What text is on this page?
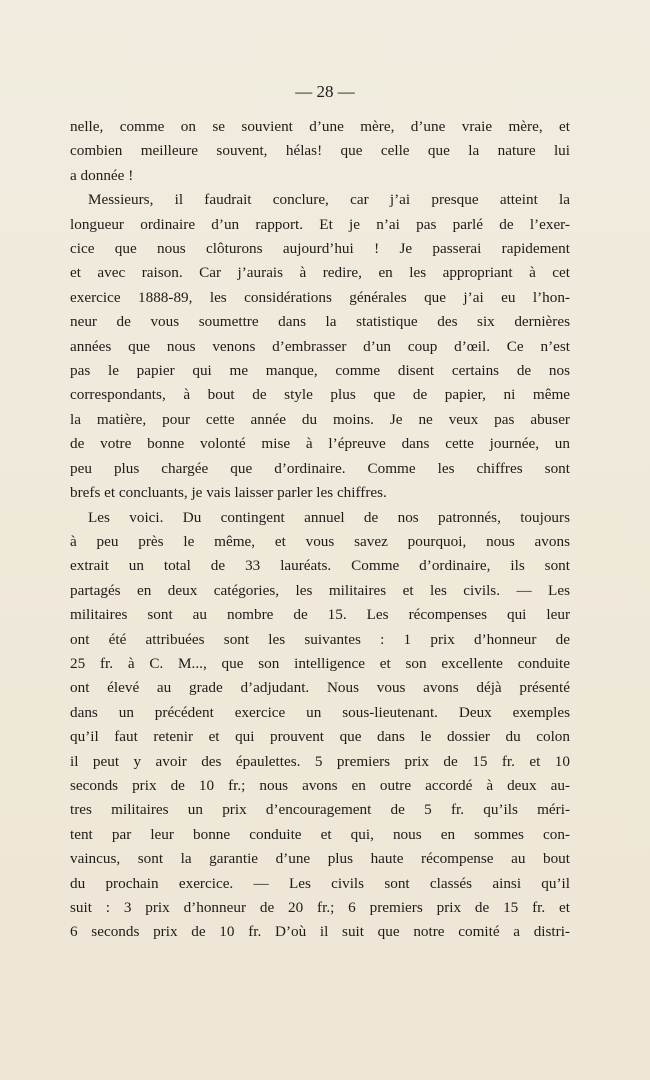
— 28 —
nelle, comme on se souvient d’une mère, d’une vraie mère, et
combien meilleure souvent, hélas! que celle que la nature lui
a donnée !
Messieurs, il faudrait conclure, car j’ai presque atteint la
longueur ordinaire d’un rapport. Et je n’ai pas parlé de l’exer-
cice que nous clôturons aujourd’hui ! Je passerai rapidement
et avec raison. Car j’aurais à redire, en les appropriant à cet
exercice 1888-89, les considérations générales que j’ai eu l’hon-
neur de vous soumettre dans la statistique des six dernières
années que nous venons d’embrasser d’un coup d’œil. Ce n’est
pas le papier qui me manque, comme disent certains de nos
correspondants, à bout de style plus que de papier, ni même
la matière, pour cette année du moins. Je ne veux pas abuser
de votre bonne volonté mise à l’épreuve dans cette journée, un
peu plus chargée que d’ordinaire. Comme les chiffres sont
brefs et concluants, je vais laisser parler les chiffres.
Les voici. Du contingent annuel de nos patronnés, toujours
à peu près le même, et vous savez pourquoi, nous avons
extrait un total de 33 lauréats. Comme d’ordinaire, ils sont
partagés en deux catégories, les militaires et les civils. — Les
militaires sont au nombre de 15. Les récompenses qui leur
ont été attribuées sont les suivantes : 1 prix d’honneur de
25 fr. à C. M..., que son intelligence et son excellente conduite
ont élevé au grade d’adjudant. Nous vous avons déjà présenté
dans un précédent exercice un sous-lieutenant. Deux exemples
qu’il faut retenir et qui prouvent que dans le dossier du colon
il peut y avoir des épaulettes. 5 premiers prix de 15 fr. et 10
seconds prix de 10 fr.; nous avons en outre accordé à deux au-
tres militaires un prix d’encouragement de 5 fr. qu’ils méri-
tent par leur bonne conduite et qui, nous en sommes con-
vaincus, sont la garantie d’une plus haute récompense au bout
du prochain exercice. — Les civils sont classés ainsi qu’il
suit : 3 prix d’honneur de 20 fr.; 6 premiers prix de 15 fr. et
6 seconds prix de 10 fr. D’où il suit que notre comité a distri-
